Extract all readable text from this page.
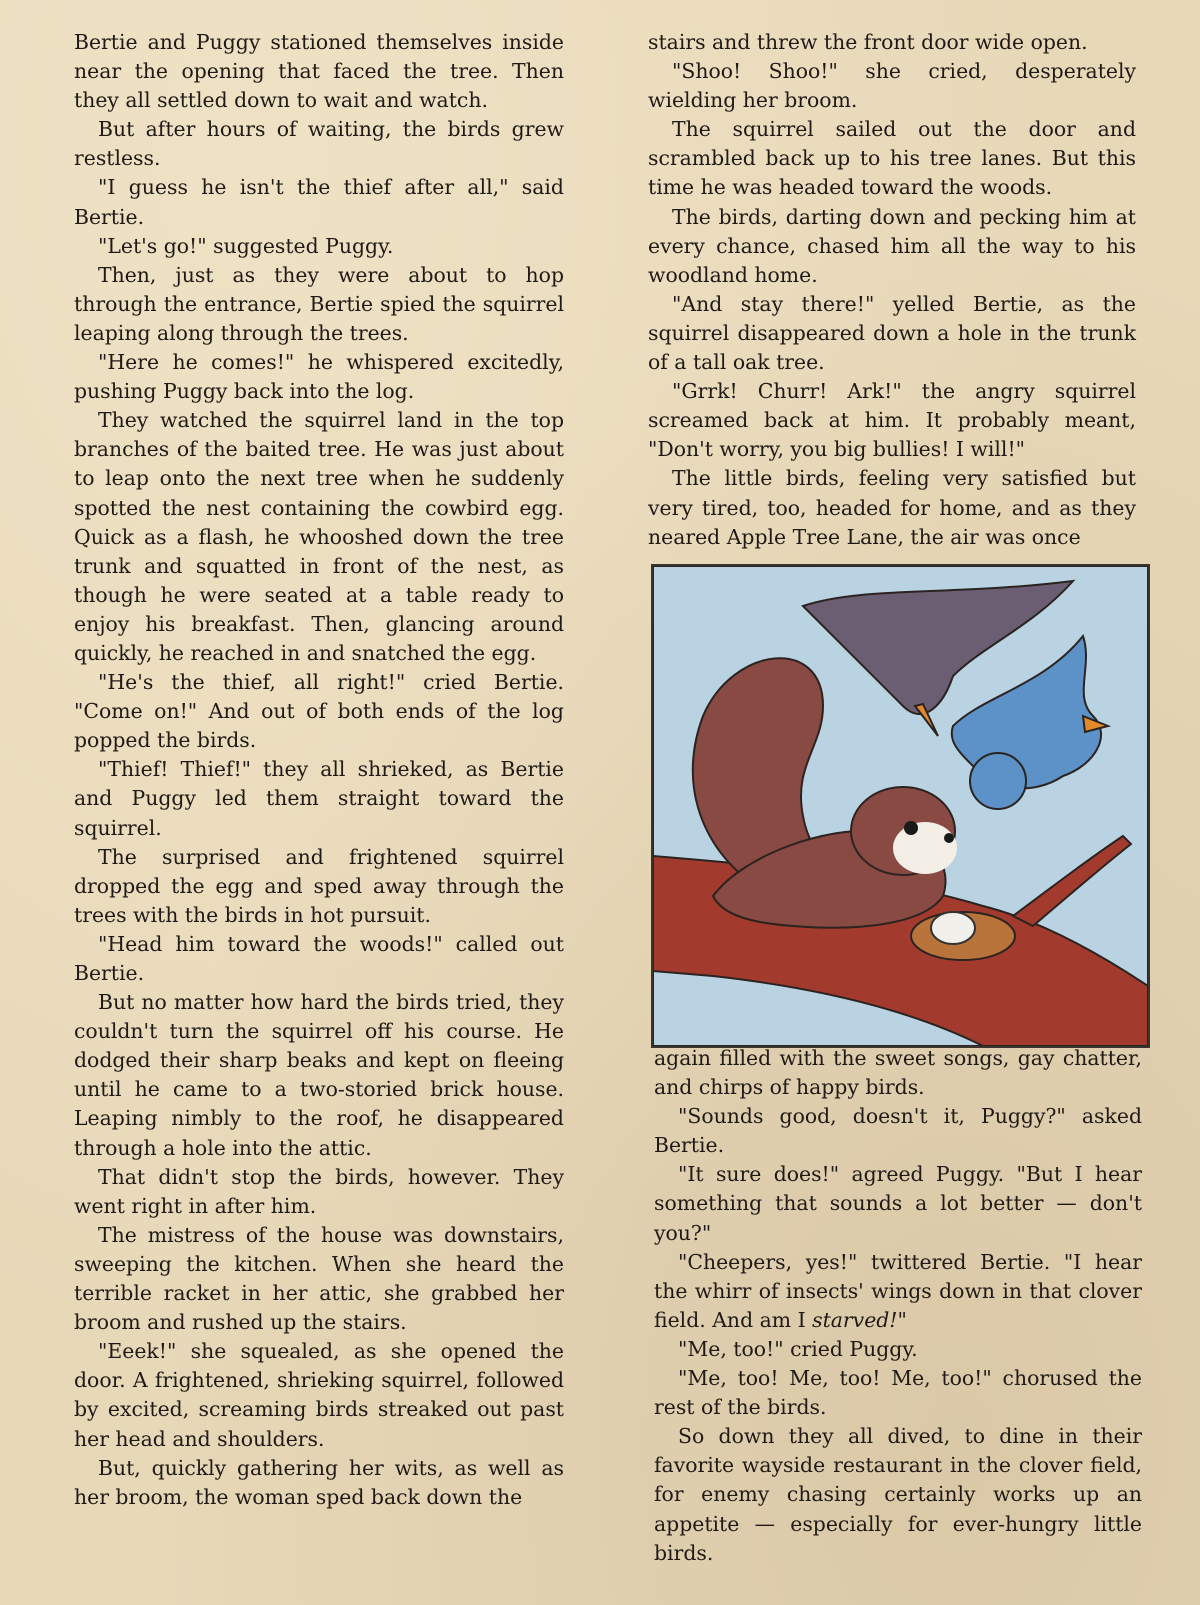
Bertie and Puggy stationed themselves inside near the opening that faced the tree. Then they all settled down to wait and watch.

But after hours of waiting, the birds grew restless.

"I guess he isn't the thief after all," said Bertie.

"Let's go!" suggested Puggy.

Then, just as they were about to hop through the entrance, Bertie spied the squirrel leaping along through the trees.

"Here he comes!" he whispered excitedly, pushing Puggy back into the log.

They watched the squirrel land in the top branches of the baited tree. He was just about to leap onto the next tree when he suddenly spotted the nest containing the cowbird egg. Quick as a flash, he whooshed down the tree trunk and squatted in front of the nest, as though he were seated at a table ready to enjoy his breakfast. Then, glancing around quickly, he reached in and snatched the egg.

"He's the thief, all right!" cried Bertie. "Come on!" And out of both ends of the log popped the birds.

"Thief! Thief!" they all shrieked, as Bertie and Puggy led them straight toward the squirrel.

The surprised and frightened squirrel dropped the egg and sped away through the trees with the birds in hot pursuit.

"Head him toward the woods!" called out Bertie.

But no matter how hard the birds tried, they couldn't turn the squirrel off his course. He dodged their sharp beaks and kept on fleeing until he came to a two-storied brick house. Leaping nimbly to the roof, he disappeared through a hole into the attic.

That didn't stop the birds, however. They went right in after him.

The mistress of the house was downstairs, sweeping the kitchen. When she heard the terrible racket in her attic, she grabbed her broom and rushed up the stairs.

"Eeek!" she squealed, as she opened the door. A frightened, shrieking squirrel, followed by excited, screaming birds streaked out past her head and shoulders.

But, quickly gathering her wits, as well as her broom, the woman sped back down the

stairs and threw the front door wide open.

"Shoo! Shoo!" she cried, desperately wielding her broom.

The squirrel sailed out the door and scrambled back up to his tree lanes. But this time he was headed toward the woods.

The birds, darting down and pecking him at every chance, chased him all the way to his woodland home.

"And stay there!" yelled Bertie, as the squirrel disappeared down a hole in the trunk of a tall oak tree.

"Grrk! Churr! Ark!" the angry squirrel screamed back at him. It probably meant, "Don't worry, you big bullies! I will!"

The little birds, feeling very satisfied but very tired, too, headed for home, and as they neared Apple Tree Lane, the air was once

again filled with the sweet songs, gay chatter, and chirps of happy birds.

"Sounds good, doesn't it, Puggy?" asked Bertie.

"It sure does!" agreed Puggy. "But I hear something that sounds a lot better — don't you?"

"Cheepers, yes!" twittered Bertie. "I hear the whirr of insects' wings down in that clover field. And am I starved!"

"Me, too!" cried Puggy.

"Me, too! Me, too! Me, too!" chorused the rest of the birds.

So down they all dived, to dine in their favorite wayside restaurant in the clover field, for enemy chasing certainly works up an appetite — especially for ever-hungry little birds.
